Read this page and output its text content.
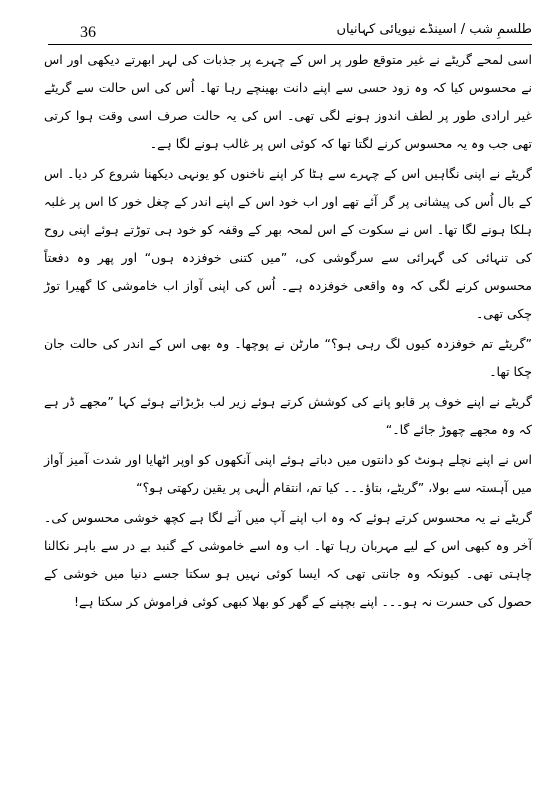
36	طلسمِ شب / اسینڈے نیویائی کہانیاں

اسی لمحے گریٹے نے غیر متوقع طور پر اس کے چہرے پر جذبات کی لہر ابھرتے دیکھی اور اس نے محسوس کیا کہ وہ زود حسی سے اپنے دانت بھینچے رہا تھا۔ اُس کی اس حالت سے گریٹے غیر ارادی طور پر لطف اندوز ہونے لگی تھی۔ اس کی یہ حالت صرف اسی وقت ہوا کرتی تھی جب وہ یہ محسوس کرنے لگتا تھا کہ کوئی اس پر غالب ہونے لگا ہے۔

گریٹے نے اپنی نگاہیں اس کے چہرے سے ہٹا کر اپنے ناخنوں کو یونہی دیکھنا شروع کر دیا۔ اس کے بال اُس کی پیشانی پر گر آئے تھے اور اب خود اس کے اپنے اندر کے چغل خور کا اس پر غلبہ ہلکا ہونے لگا تھا۔ اس نے سکوت کے اس لمحہ بھر کے وقفہ کو خود ہی توڑتے ہوئے اپنی روح کی تنہائی کی گہرائی سے سرگوشی کی، ”میں کتنی خوفزدہ ہوں“ اور پھر وہ دفعتاً محسوس کرنے لگی کہ وہ واقعی خوفزدہ ہے۔ اُس کی اپنی آواز اب خاموشی کا گھیرا توڑ چکی تھی۔

”گریٹے تم خوفزدہ کیوں لگ رہی ہو؟“ مارٹن نے پوچھا۔ وہ بھی اس کے اندر کی حالت جان چکا تھا۔

گریٹے نے اپنے خوف پر قابو پانے کی کوشش کرتے ہوئے زیر لب بڑبڑاتے ہوئے کہا ”مجھے ڈر ہے کہ وہ مجھے چھوڑ جائے گا۔“

اس نے اپنے نچلے ہونٹ کو دانتوں میں دباتے ہوئے اپنی آنکھوں کو اوپر اٹھایا اور شدت آمیز آواز میں آہستہ سے بولا، ”گریٹے، بتاؤ۔۔۔ کیا تم، انتقام الٰہی پر یقین رکھتی ہو؟“

گریٹے نے یہ محسوس کرتے ہوئے کہ وہ اب اپنے آپ میں آنے لگا ہے کچھ خوشی محسوس کی۔ آخر وہ کبھی اس کے لیے مہربان رہا تھا۔ اب وہ اسے خاموشی کے گنبد بے در سے باہر نکالنا چاہتی تھی۔ کیونکہ وہ جانتی تھی کہ ایسا کوئی نہیں ہو سکتا جسے دنیا میں خوشی کے حصول کی حسرت نہ ہو۔۔۔ اپنے بچپنے کے گھر کو بھلا کبھی کوئی فراموش کر سکتا ہے!
